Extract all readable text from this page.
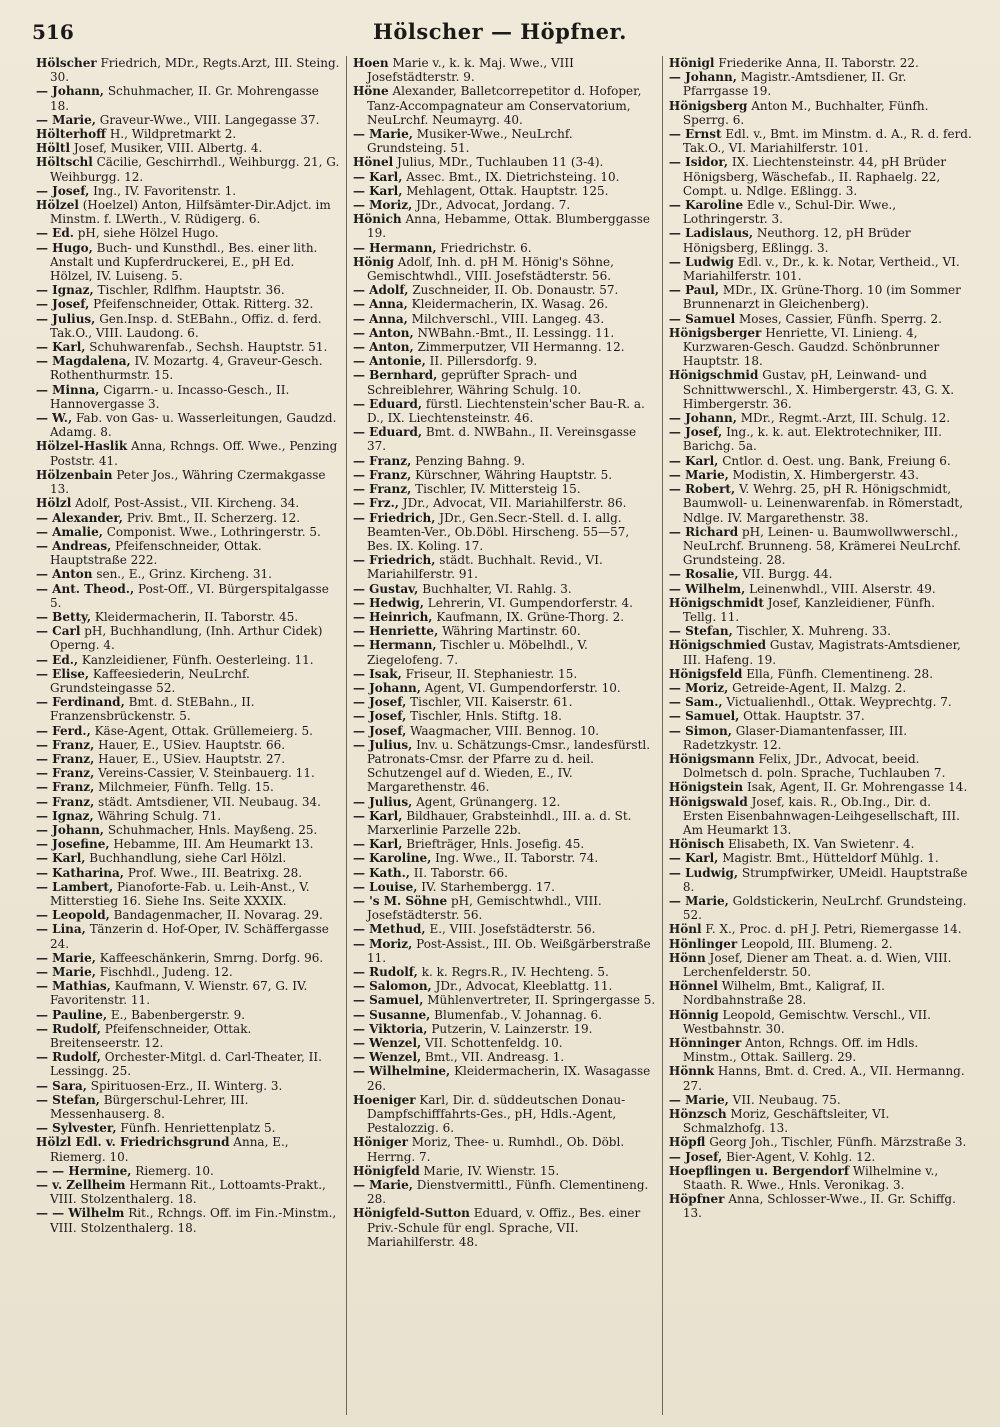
516	Hölscher — Höpfner.

Hölscher Friedrich, MDr., Regts.Arzt, III. Steing. 30.

— Johann, Schuhmacher, II. Gr. Mohrengasse 18.

— Marie, Graveur-Wwe., VIII. Langegasse 37.

Hölterhoff H., Wildpretmarkt 2.

Höltl Josef, Musiker, VIII. Albertg. 4.

Höltschl Cäcilie, Geschirrhdl., Weihburgg. 21, G. Weihburgg. 12.

— Josef, Ing., IV. Favoritenstr. 1.

Hölzel (Hoelzel) Anton, Hilfsämter-Dir.Adjct. im Minstm. f. LWerth., V. Rüdigerg. 6.

— Ed. pH, siehe Hölzel Hugo.

— Hugo, Buch- und Kunsthdl., Bes. einer lith. Anstalt und Kupferdruckerei, E., pH Ed. Hölzel, IV. Luiseng. 5.

— Ignaz, Tischler, Rdlfhm. Hauptstr. 36.

— Josef, Pfeifenschneider, Ottak. Ritterg. 32.

— Julius, Gen.Insp. d. StEBahn., Offiz. d. ferd. Tak.O., VIII. Laudong. 6.

— Karl, Schuhwarenfab., Sechsh. Hauptstr. 51.

— Magdalena, IV. Mozartg. 4, Graveur-Gesch. Rothenthurmstr. 15.

— Minna, Cigarrn.- u. Incasso-Gesch., II. Hannovergasse 3.

— W., Fab. von Gas- u. Wasserleitungen, Gaudzd. Adamg. 8.

Hölzel-Haslik Anna, Rchngs. Off. Wwe., Penzing Poststr. 41.

Hölzenbain Peter Jos., Währing Czermakgasse 13.

Hölzl Adolf, Post-Assist., VII. Kircheng. 34.

— Alexander, Priv. Bmt., II. Scherzerg. 12.

— Amalie, Componist. Wwe., Lothringerstr. 5.

— Andreas, Pfeifenschneider, Ottak. Hauptstraße 222.

— Anton sen., E., Grinz. Kircheng. 31.

— Ant. Theod., Post-Off., VI. Bürgerspitalgasse 5.

— Betty, Kleidermacherin, II. Taborstr. 45.

— Carl pH, Buchhandlung, (Inh. Arthur Cidek) Operng. 4.

— Ed., Kanzleidiener, Fünfh. Oesterleing. 11.

— Elise, Kaffeesiederin, NeuLrchf. Grundsteingasse 52.

— Ferdinand, Bmt. d. StEBahn., II. Franzensbrückenstr. 5.

— Ferd., Käse-Agent, Ottak. Grüllemeierg. 5.

— Franz, Hauer, E., USiev. Hauptstr. 66.

— Franz, Hauer, E., USiev. Hauptstr. 27.

— Franz, Vereins-Cassier, V. Steinbauerg. 11.

— Franz, Milchmeier, Fünfh. Tellg. 15.

— Franz, städt. Amtsdiener, VII. Neubaug. 34.

— Ignaz, Währing Schulg. 71.

— Johann, Schuhmacher, Hnls. Mayßeng. 25.

— Josefine, Hebamme, III. Am Heumarkt 13.

— Karl, Buchhandlung, siehe Carl Hölzl.

— Katharina, Prof. Wwe., III. Beatrixg. 28.

— Lambert, Pianoforte-Fab. u. Leih-Anst., V. Mitterstieg 16. Siehe Ins. Seite XXXIX.

— Leopold, Bandagenmacher, II. Novarag. 29.

— Lina, Tänzerin d. Hof-Oper, IV. Schäffergasse 24.

— Marie, Kaffeeschänkerin, Smrng. Dorfg. 96.

— Marie, Fischhdl., Judeng. 12.

— Mathias, Kaufmann, V. Wienstr. 67, G. IV. Favoritenstr. 11.

— Pauline, E., Babenbergerstr. 9.

— Rudolf, Pfeifenschneider, Ottak. Breitenseerstr. 12.

— Rudolf, Orchester-Mitgl. d. Carl-Theater, II. Lessingg. 25.

— Sara, Spirituosen-Erz., II. Winterg. 3.

— Stefan, Bürgerschul-Lehrer, III. Messenhauserg. 8.

— Sylvester, Fünfh. Henriettenplatz 5.

Hölzl Edl. v. Friedrichsgrund Anna, E., Riemerg. 10.

— — Hermine, Riemerg. 10.

— v. Zellheim Hermann Rit., Lottoamts-Prakt., VIII. Stolzenthalerg. 18.

— — Wilhelm Rit., Rchngs. Off. im Fin.-Minstm., VIII. Stolzenthalerg. 18.

Hoen Marie v., k. k. Maj. Wwe., VIII Josefstädterstr. 9.

Höne Alexander, Balletcorrepetitor d. Hofoper, Tanz-Accompagnateur am Conservatorium, NeuLrchf. Neumayrg. 40.

— Marie, Musiker-Wwe., NeuLrchf. Grundsteing. 51.

Hönel Julius, MDr., Tuchlauben 11 (3-4).

— Karl, Assec. Bmt., IX. Dietrichsteing. 10.

— Karl, Mehlagent, Ottak. Hauptstr. 125.

— Moriz, JDr., Advocat, Jordang. 7.

Hönich Anna, Hebamme, Ottak. Blumberggasse 19.

— Hermann, Friedrichstr. 6.

Hönig Adolf, Inh. d. pH M. Hönig's Söhne, Gemischtwhdl., VIII. Josefstädterstr. 56.

— Adolf, Zuschneider, II. Ob. Donaustr. 57.

— Anna, Kleidermacherin, IX. Wasag. 26.

— Anna, Milchverschl., VIII. Langeg. 43.

— Anton, NWBahn.-Bmt., II. Lessingg. 11.

— Anton, Zimmerputzer, VII Hermanng. 12.

— Antonie, II. Pillersdorfg. 9.

— Bernhard, geprüfter Sprach- und Schreiblehrer, Währing Schulg. 10.

— Eduard, fürstl. Liechtenstein'scher Bau-R. a. D., IX. Liechtensteinstr. 46.

— Eduard, Bmt. d. NWBahn., II. Vereinsgasse 37.

— Franz, Penzing Bahng. 9.

— Franz, Kürschner, Währing Hauptstr. 5.

— Franz, Tischler, IV. Mittersteig 15.

— Frz., JDr., Advocat, VII. Mariahilferstr. 86.

— Friedrich, JDr., Gen.Secr.-Stell. d. I. allg. Beamten-Ver., Ob.Döbl. Hirscheng. 55—57, Bes. IX. Koling. 17.

— Friedrich, städt. Buchhalt. Revid., VI. Mariahilferstr. 91.

— Gustav, Buchhalter, VI. Rahlg. 3.

— Hedwig, Lehrerin, VI. Gumpendorferstr. 4.

— Heinrich, Kaufmann, IX. Grüne-Thorg. 2.

— Henriette, Währing Martinstr. 60.

— Hermann, Tischler u. Möbelhdl., V. Ziegelofeng. 7.

— Isak, Friseur, II. Stephaniestr. 15.

— Johann, Agent, VI. Gumpendorferstr. 10.

— Josef, Tischler, VII. Kaiserstr. 61.

— Josef, Tischler, Hnls. Stiftg. 18.

— Josef, Waagmacher, VIII. Bennog. 10.

— Julius, Inv. u. Schätzungs-Cmsr., landesfürstl. Patronats-Cmsr. der Pfarre zu d. heil. Schutzengel auf d. Wieden, E., IV. Margarethenstr. 46.

— Julius, Agent, Grünangerg. 12.

— Karl, Bildhauer, Grabsteinhdl., III. a. d. St. Marxerlinie Parzelle 22b.

— Karl, Briefträger, Hnls. Josefig. 45.

— Karoline, Ing. Wwe., II. Taborstr. 74.

— Kath., II. Taborstr. 66.

— Louise, IV. Starhembergg. 17.

— 's M. Söhne pH, Gemischtwhdl., VIII. Josefstädterstr. 56.

— Methud, E., VIII. Josefstädterstr. 56.

— Moriz, Post-Assist., III. Ob. Weißgärberstraße 11.

— Rudolf, k. k. Regrs.R., IV. Hechteng. 5.

— Salomon, JDr., Advocat, Kleeblattg. 11.

— Samuel, Mühlenvertreter, II. Springergasse 5.

— Susanne, Blumenfab., V. Johannag. 6.

— Viktoria, Putzerin, V. Lainzerstr. 19.

— Wenzel, VII. Schottenfeldg. 10.

— Wenzel, Bmt., VII. Andreasg. 1.

— Wilhelmine, Kleidermacherin, IX. Wasagasse 26.

Hoeniger Karl, Dir. d. süddeutschen Donau-Dampfschifffahrts-Ges., pH, Hdls.-Agent, Pestalozzig. 6.

Höniger Moriz, Thee- u. Rumhdl., Ob. Döbl. Herrng. 7.

Hönigfeld Marie, IV. Wienstr. 15.

— Marie, Dienstvermittl., Fünfh. Clementineng. 28.

Hönigfeld-Sutton Eduard, v. Offiz., Bes. einer Priv.-Schule für engl. Sprache, VII. Mariahilferstr. 48.

Hönigl Friederike Anna, II. Taborstr. 22.

— Johann, Magistr.-Amtsdiener, II. Gr. Pfarrgasse 19.

Hönigsberg Anton M., Buchhalter, Fünfh. Sperrg. 6.

— Ernst Edl. v., Bmt. im Minstm. d. A., R. d. ferd. Tak.O., VI. Mariahilferstr. 101.

— Isidor, IX. Liechtensteinstr. 44, pH Brüder Hönigsberg, Wäschefab., II. Raphaelg. 22, Compt. u. Ndlge. Eßlingg. 3.

— Karoline Edle v., Schul-Dir. Wwe., Lothringerstr. 3.

— Ladislaus, Neuthorg. 12, pH Brüder Hönigsberg, Eßlingg. 3.

— Ludwig Edl. v., Dr., k. k. Notar, Vertheid., VI. Mariahilferstr. 101.

— Paul, MDr., IX. Grüne-Thorg. 10 (im Sommer Brunnenarzt in Gleichenberg).

— Samuel Moses, Cassier, Fünfh. Sperrg. 2.

Hönigsberger Henriette, VI. Linieng. 4, Kurzwaren-Gesch. Gaudzd. Schönbrunner Hauptstr. 18.

Hönigschmid Gustav, pH, Leinwand- und Schnittwwerschl., X. Himbergerstr. 43, G. X. Himbergerstr. 36.

— Johann, MDr., Regmt.-Arzt, III. Schulg. 12.

— Josef, Ing., k. k. aut. Elektrotechniker, III. Barichg. 5a.

— Karl, Cntlor. d. Oest. ung. Bank, Freiung 6.

— Marie, Modistin, X. Himbergerstr. 43.

— Robert, V. Wehrg. 25, pH R. Hönigschmidt, Baumwoll- u. Leinenwarenfab. in Römerstadt, Ndlge. IV. Margarethenstr. 38.

— Richard pH, Leinen- u. Baumwollwwerschl., NeuLrchf. Brunneng. 58, Krämerei NeuLrchf. Grundsteing. 28.

— Rosalie, VII. Burgg. 44.

— Wilhelm, Leinenwhdl., VIII. Alserstr. 49.

Hönigschmidt Josef, Kanzleidiener, Fünfh. Tellg. 11.

— Stefan, Tischler, X. Muhreng. 33.

Hönigschmied Gustav, Magistrats-Amtsdiener, III. Hafeng. 19.

Hönigsfeld Ella, Fünfh. Clementineng. 28.

— Moriz, Getreide-Agent, II. Malzg. 2.

— Sam., Victualienhdl., Ottak. Weyprechtg. 7.

— Samuel, Ottak. Hauptstr. 37.

— Simon, Glaser-Diamantenfasser, III. Radetzkystr. 12.

Hönigsmann Felix, JDr., Advocat, beeid. Dolmetsch d. poln. Sprache, Tuchlauben 7.

Hönigstein Isak, Agent, II. Gr. Mohrengasse 14.

Hönigswald Josef, kais. R., Ob.Ing., Dir. d. Ersten Eisenbahnwagen-Leihgesellschaft, III. Am Heumarkt 13.

Hönisch Elisabeth, IX. Van Swietenг. 4.

— Karl, Magistr. Bmt., Hütteldorf Mühlg. 1.

— Ludwig, Strumpfwirker, UMeidl. Hauptstraße 8.

— Marie, Goldstickerin, NeuLrchf. Grundsteing. 52.

Hönl F. X., Proc. d. pH J. Petri, Riemergasse 14.

Hönlinger Leopold, III. Blumeng. 2.

Hönn Josef, Diener am Theat. a. d. Wien, VIII. Lerchenfelderstr. 50.

Hönnel Wilhelm, Bmt., Kaligraf, II. Nordbahnstraße 28.

Hönnig Leopold, Gemischtw. Verschl., VII. Westbahnstr. 30.

Hönninger Anton, Rchngs. Off. im Hdls. Minstm., Ottak. Saillerg. 29.

Hönnk Hanns, Bmt. d. Cred. A., VII. Hermanng. 27.

— Marie, VII. Neubaug. 75.

Hönzsch Moriz, Geschäftsleiter, VI. Schmalzhofg. 13.

Höpfl Georg Joh., Tischler, Fünfh. Märzstraße 3.

— Josef, Bier-Agent, V. Kohlg. 12.

Hoepflingen u. Bergendorf Wilhelmine v., Staath. R. Wwe., Hnls. Veronikag. 3.

Höpfner Anna, Schlosser-Wwe., II. Gr. Schiffg. 13.
